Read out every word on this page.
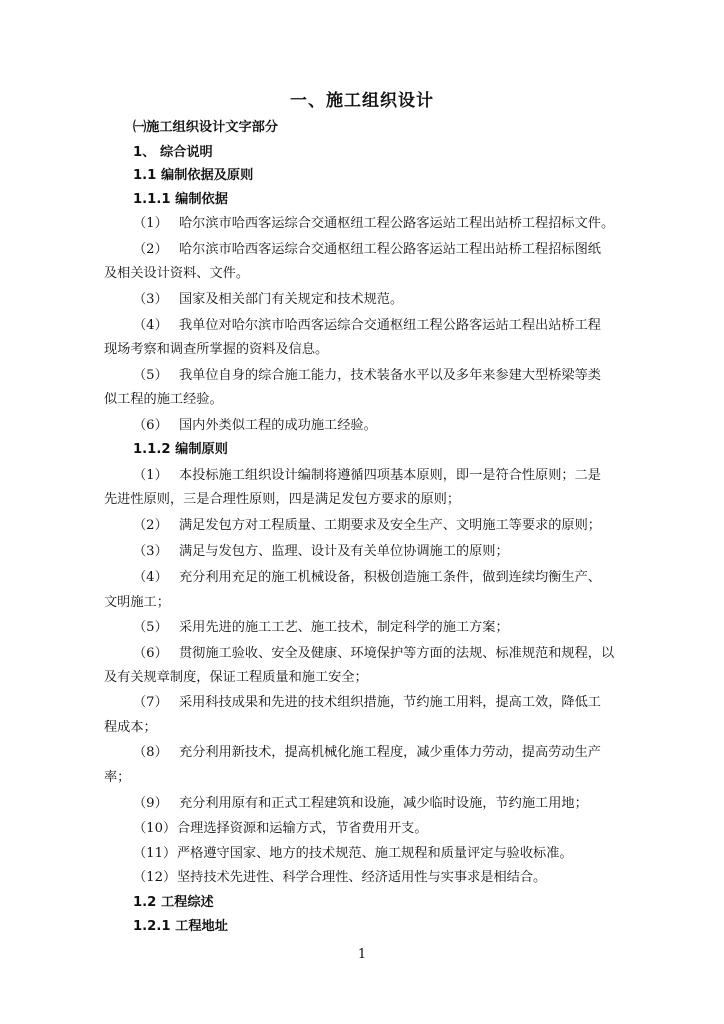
一、施工组织设计
㈠施工组织设计文字部分
1、 综合说明
1.1 编制依据及原则
1.1.1 编制依据
（1） 哈尔滨市哈西客运综合交通枢纽工程公路客运站工程出站桥工程招标文件。
（2） 哈尔滨市哈西客运综合交通枢纽工程公路客运站工程出站桥工程招标图纸
及相关设计资料、文件。
（3） 国家及相关部门有关规定和技术规范。
（4） 我单位对哈尔滨市哈西客运综合交通枢纽工程公路客运站工程出站桥工程
现场考察和调查所掌握的资料及信息。
（5） 我单位自身的综合施工能力，技术装备水平以及多年来参建大型桥梁等类
似工程的施工经验。
（6） 国内外类似工程的成功施工经验。
1.1.2 编制原则
（1） 本投标施工组织设计编制将遵循四项基本原则，即一是符合性原则；二是
先进性原则，三是合理性原则，四是满足发包方要求的原则；
（2） 满足发包方对工程质量、工期要求及安全生产、文明施工等要求的原则；
（3） 满足与发包方、监理、设计及有关单位协调施工的原则；
（4） 充分利用充足的施工机械设备，积极创造施工条件，做到连续均衡生产、
文明施工；
（5） 采用先进的施工工艺、施工技术，制定科学的施工方案；
（6） 贯彻施工验收、安全及健康、环境保护等方面的法规、标准规范和规程，以
及有关规章制度，保证工程质量和施工安全；
（7） 采用科技成果和先进的技术组织措施，节约施工用料，提高工效，降低工
程成本；
（8） 充分利用新技术，提高机械化施工程度，减少重体力劳动，提高劳动生产
率；
（9） 充分利用原有和正式工程建筑和设施，减少临时设施，节约施工用地；
（10）合理选择资源和运输方式，节省费用开支。
（11）严格遵守国家、地方的技术规范、施工规程和质量评定与验收标准。
（12）坚持技术先进性、科学合理性、经济适用性与实事求是相结合。
1.2 工程综述
1.2.1 工程地址
1
